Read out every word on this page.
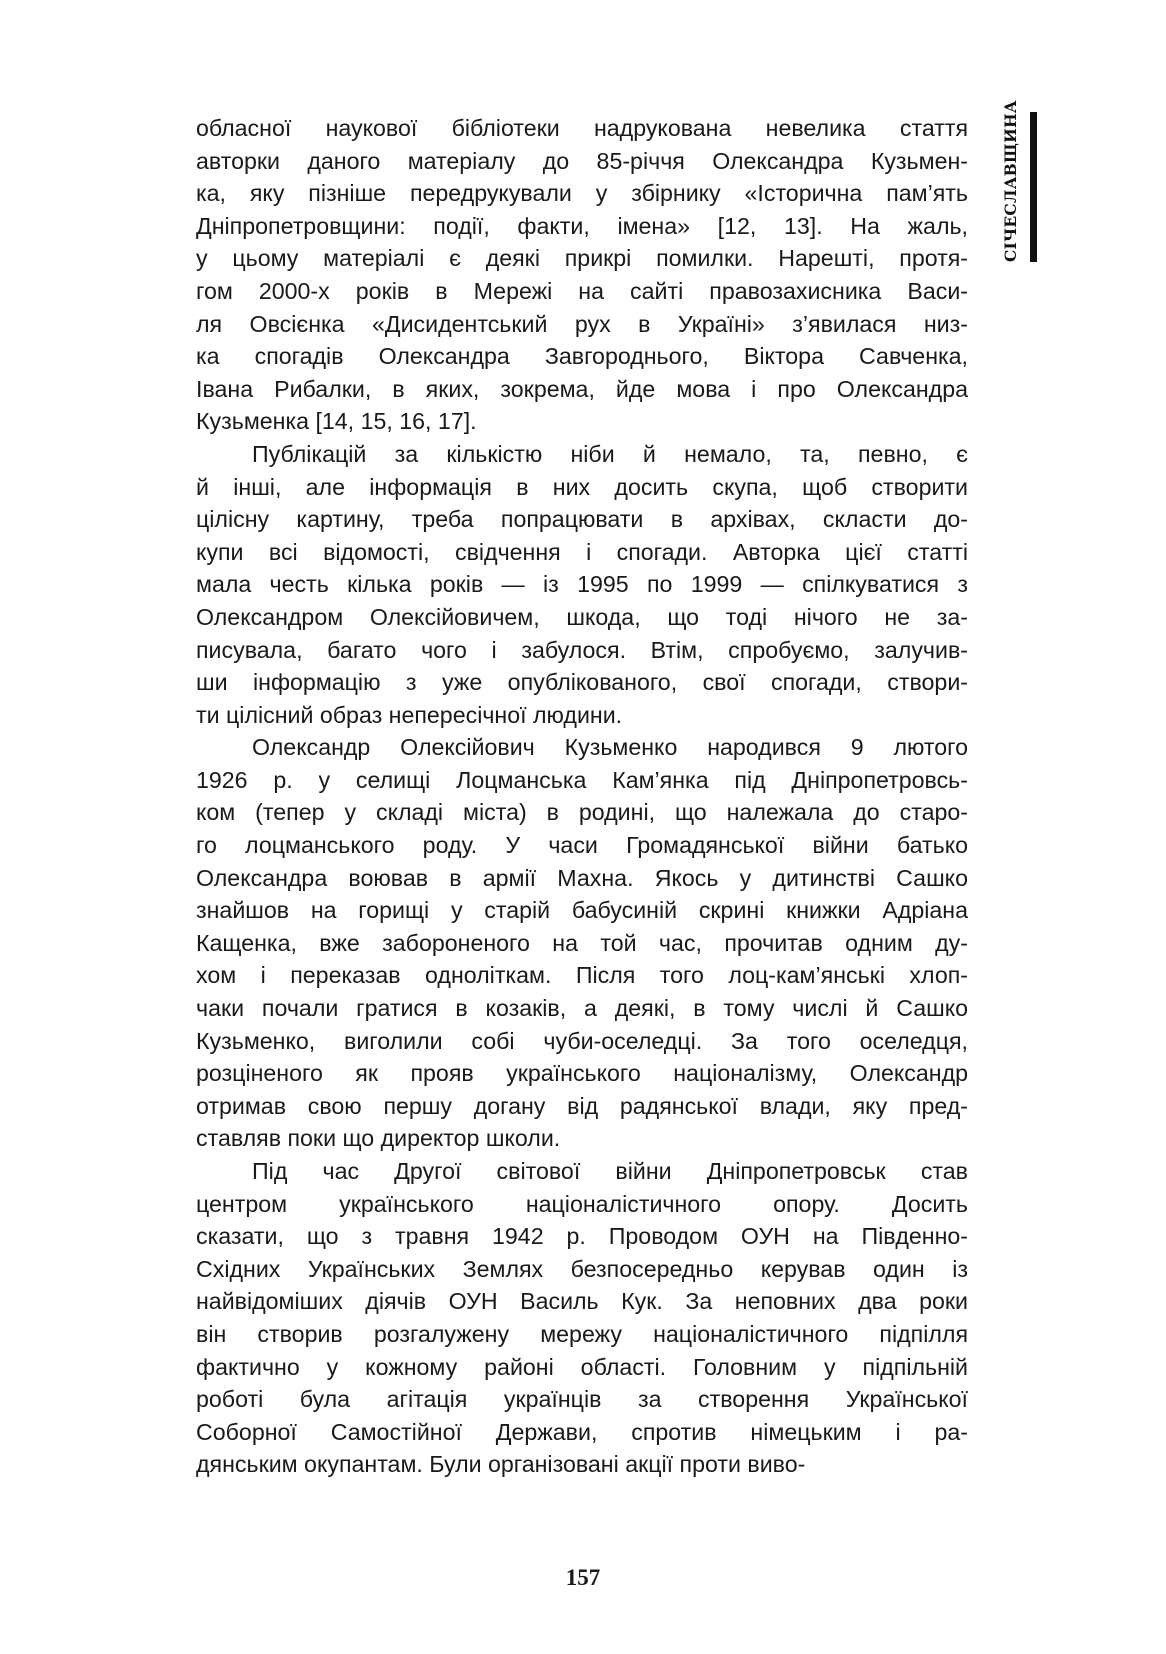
СІЧЕСЛАВЩИНА

обласної наукової бібліотеки надрукована невелика стаття
авторки даного матеріалу до 85-річчя Олександра Кузьмен-
ка, яку пізніше передрукували у збірнику «Історична пам’ять
Дніпропетровщини: події, факти, імена» [12, 13]. На жаль,
у цьому матеріалі є деякі прикрі помилки. Нарешті, протя-
гом 2000-х років в Мережі на сайті правозахисника Васи-
ля Овсієнка «Дисидентський рух в Україні» з’явилася низ-
ка спогадів Олександра Завгороднього, Віктора Савченка,
Івана Рибалки, в яких, зокрема, йде мова і про Олександра
Кузьменка [14, 15, 16, 17].

Публікацій за кількістю ніби й немало, та, певно, є
й інші, але інформація в них досить скупа, щоб створити
цілісну картину, треба попрацювати в архівах, скласти до-
купи всі відомості, свідчення і спогади. Авторка цієї статті
мала честь кілька років — із 1995 по 1999 — спілкуватися з
Олександром Олексійовичем, шкода, що тоді нічого не за-
писувала, багато чого і забулося. Втім, спробуємо, залучив-
ши інформацію з уже опублікованого, свої спогади, створи-
ти цілісний образ непересічної людини.

Олександр Олексійович Кузьменко народився 9 лютого
1926 р. у селищі Лоцманська Кам’янка під Дніпропетровсь-
ком (тепер у складі міста) в родині, що належала до старо-
го лоцманського роду. У часи Громадянської війни батько
Олександра воював в армії Махна. Якось у дитинстві Сашко
знайшов на горищі у старій бабусиній скрині книжки Адріана
Кащенка, вже забороненого на той час, прочитав одним ду-
хом і переказав одноліткам. Після того лоц-кам’янські хлоп-
чаки почали гратися в козаків, а деякі, в тому числі й Сашко
Кузьменко, виголили собі чуби-оселедці. За того оселедця,
розціненого як прояв українського націоналізму, Олександр
отримав свою першу догану від радянської влади, яку пред-
ставляв поки що директор школи.

Під час Другої світової війни Дніпропетровськ став
центром українського націоналістичного опору. Досить
сказати, що з травня 1942 р. Проводом ОУН на Південно-
Східних Українських Землях безпосередньо керував один із
найвідоміших діячів ОУН Василь Кук. За неповних два роки
він створив розгалужену мережу націоналістичного підпілля
фактично у кожному районі області. Головним у підпільній
роботі була агітація українців за створення Української
Соборної Самостійної Держави, спротив німецьким і ра-
дянським окупантам. Були організовані акції проти виво-

157
